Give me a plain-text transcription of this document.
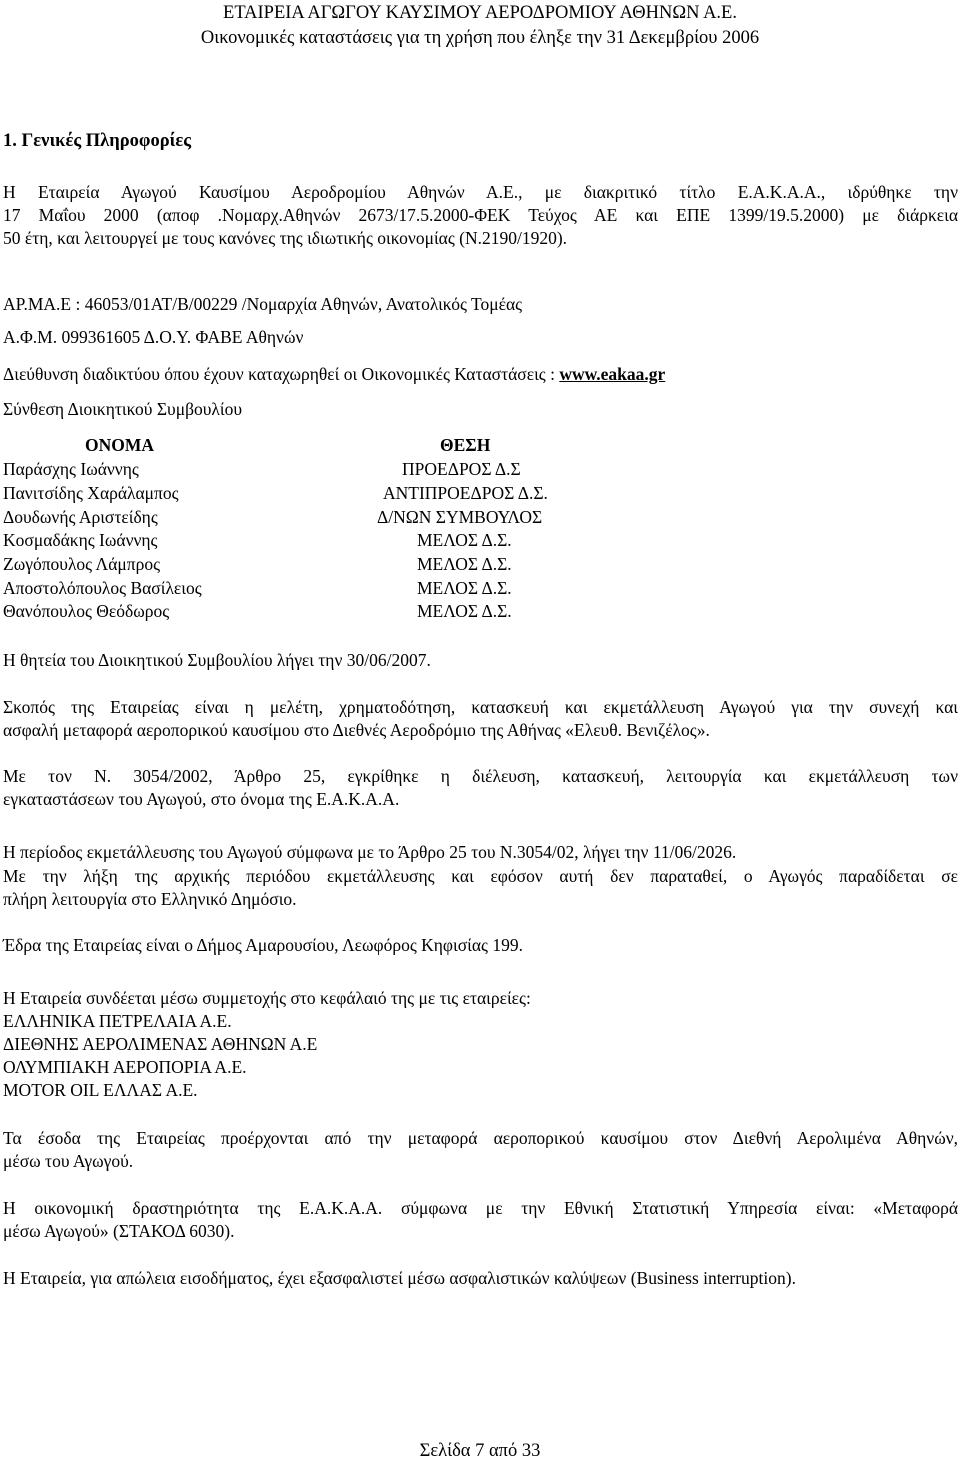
ΕΤΑΙΡΕΙΑ ΑΓΩΓΟΥ ΚΑΥΣΙΜΟΥ ΑΕΡΟΔΡΟΜΙΟΥ ΑΘΗΝΩΝ Α.Ε.
Οικονομικές καταστάσεις για τη χρήση που έληξε την 31 Δεκεμβρίου 2006
1. Γενικές Πληροφορίες
Η Εταιρεία Αγωγού Καυσίμου Αεροδρομίου Αθηνών Α.Ε., με διακριτικό τίτλο Ε.Α.Κ.Α.Α., ιδρύθηκε την
17 Μαΐου 2000 (αποφ .Νομαρχ.Αθηνών 2673/17.5.2000-ΦΕΚ Τεύχος ΑΕ και ΕΠΕ 1399/19.5.2000) με διάρκεια
50 έτη, και λειτουργεί με τους κανόνες της ιδιωτικής οικονομίας (Ν.2190/1920).
ΑΡ.ΜΑ.Ε : 46053/01ΑΤ/Β/00229 /Νομαρχία Αθηνών, Ανατολικός Τομέας
Α.Φ.Μ. 099361605 Δ.Ο.Υ. ΦΑΒΕ Αθηνών
Διεύθυνση διαδικτύου όπου έχουν καταχωρηθεί οι Οικονομικές Καταστάσεις : www.eakaa.gr
Σύνθεση Διοικητικού Συμβουλίου
ΟΝΟΜΑ	ΘΕΣΗ
Παράσχης Ιωάννης	ΠΡΟΕΔΡΟΣ Δ.Σ
Πανιτσίδης Χαράλαμπος	ΑΝΤΙΠΡΟΕΔΡΟΣ Δ.Σ.
Δουδωνής Αριστείδης	Δ/ΝΩΝ ΣΥΜΒΟΥΛΟΣ
Κοσμαδάκης Ιωάννης	ΜΕΛΟΣ Δ.Σ.
Ζωγόπουλος Λάμπρος	ΜΕΛΟΣ Δ.Σ.
Αποστολόπουλος Βασίλειος	ΜΕΛΟΣ Δ.Σ.
Θανόπουλος Θεόδωρος	ΜΕΛΟΣ Δ.Σ.
Η θητεία του Διοικητικού Συμβουλίου λήγει την 30/06/2007.
Σκοπός της Εταιρείας είναι η μελέτη, χρηματοδότηση, κατασκευή και εκμετάλλευση Αγωγού για την συνεχή και
ασφαλή μεταφορά αεροπορικού καυσίμου στο Διεθνές Αεροδρόμιο της Αθήνας «Ελευθ. Βενιζέλος».
Με τον Ν. 3054/2002, Άρθρο 25, εγκρίθηκε η διέλευση, κατασκευή, λειτουργία και εκμετάλλευση των
εγκαταστάσεων του Αγωγού, στο όνομα της Ε.Α.Κ.Α.Α.
Η περίοδος εκμετάλλευσης του Αγωγού σύμφωνα με το Άρθρο 25 του Ν.3054/02, λήγει την 11/06/2026.
Με την λήξη της αρχικής περιόδου εκμετάλλευσης και εφόσον αυτή δεν παραταθεί, ο Αγωγός παραδίδεται σε
πλήρη λειτουργία στο Ελληνικό Δημόσιο.
Έδρα της Εταιρείας είναι ο Δήμος Αμαρουσίου, Λεωφόρος Κηφισίας 199.
Η Εταιρεία συνδέεται μέσω συμμετοχής στο κεφάλαιό της με τις εταιρείες:
ΕΛΛΗΝΙΚΑ ΠΕΤΡΕΛΑΙΑ Α.Ε.
ΔΙΕΘΝΗΣ ΑΕΡΟΛΙΜΕΝΑΣ ΑΘΗΝΩΝ Α.Ε
ΟΛΥΜΠΙΑΚΗ ΑΕΡΟΠΟΡΙΑ Α.Ε.
MOTOR OIL ΕΛΛΑΣ Α.Ε.
Τα έσοδα της Εταιρείας προέρχονται από την μεταφορά αεροπορικού καυσίμου στον Διεθνή Αερολιμένα Αθηνών,
μέσω του Αγωγού.
Η οικονομική δραστηριότητα της Ε.Α.Κ.Α.Α. σύμφωνα με την Εθνική Στατιστική Υπηρεσία είναι: «Μεταφορά
μέσω Αγωγού» (ΣΤΑΚΟΔ 6030).
Η Εταιρεία, για απώλεια εισοδήματος, έχει εξασφαλιστεί μέσω ασφαλιστικών καλύψεων (Business interruption).
Σελίδα 7 από 33
